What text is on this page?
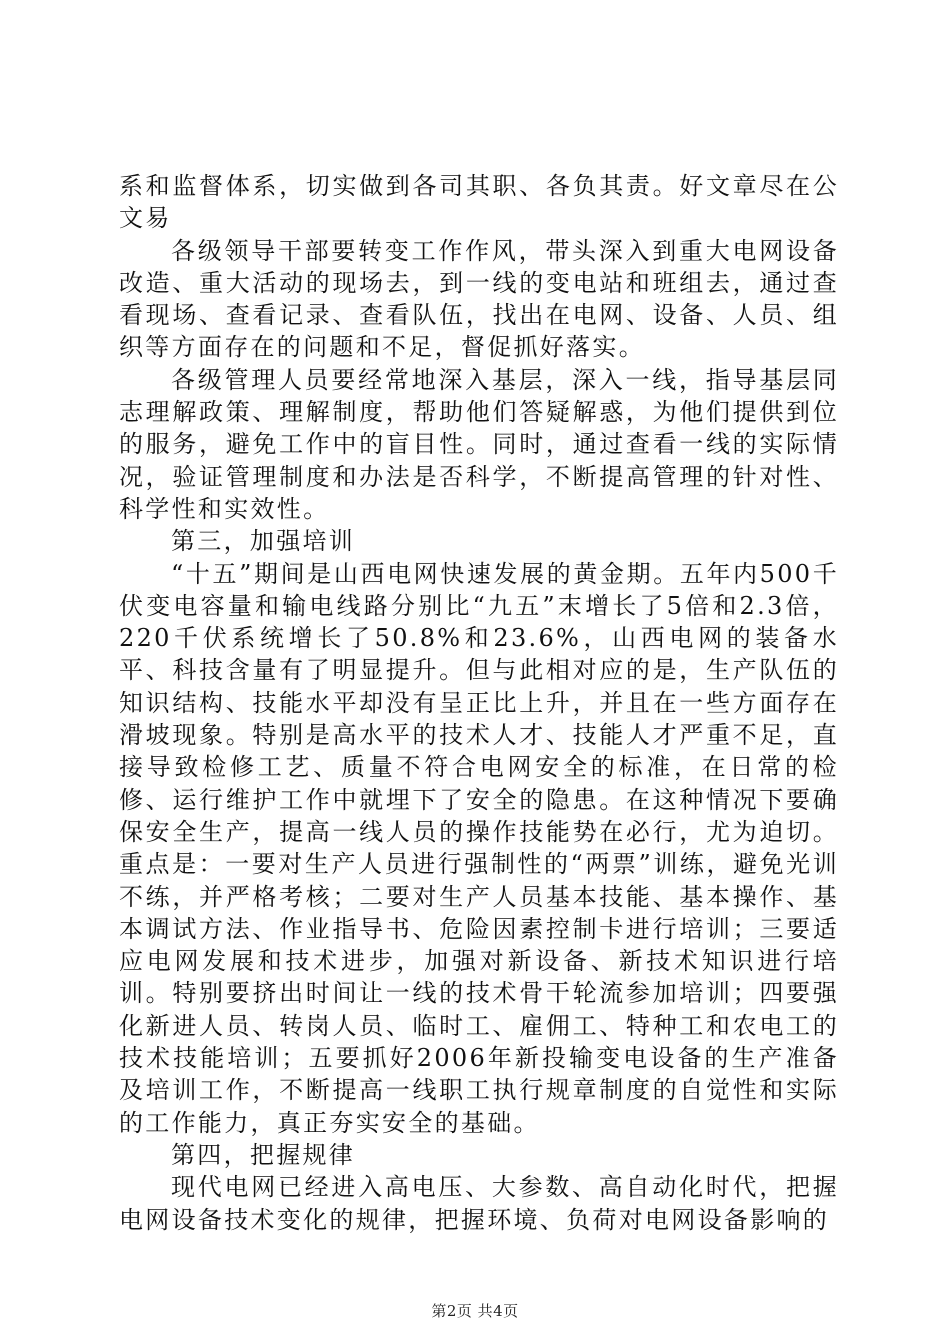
系和监督体系，切实做到各司其职、各负其责。好文章尽在公文易

各级领导干部要转变工作作风，带头深入到重大电网设备改造、重大活动的现场去，到一线的变电站和班组去，通过查看现场、查看记录、查看队伍，找出在电网、设备、人员、组织等方面存在的问题和不足，督促抓好落实。

各级管理人员要经常地深入基层，深入一线，指导基层同志理解政策、理解制度，帮助他们答疑解惑，为他们提供到位的服务，避免工作中的盲目性。同时，通过查看一线的实际情况，验证管理制度和办法是否科学，不断提高管理的针对性、科学性和实效性。

第三，加强培训

“十五”期间是山西电网快速发展的黄金期。五年内500千伏变电容量和输电线路分别比“九五”末增长了5倍和2.3倍，220千伏系统增长了50.8%和23.6%，山西电网的装备水平、科技含量有了明显提升。但与此相对应的是，生产队伍的知识结构、技能水平却没有呈正比上升，并且在一些方面存在滑坡现象。特别是高水平的技术人才、技能人才严重不足，直接导致检修工艺、质量不符合电网安全的标准，在日常的检修、运行维护工作中就埋下了安全的隐患。在这种情况下要确保安全生产，提高一线人员的操作技能势在必行，尤为迫切。重点是：一要对生产人员进行强制性的“两票”训练，避免光训不练，并严格考核；二要对生产人员基本技能、基本操作、基本调试方法、作业指导书、危险因素控制卡进行培训；三要适应电网发展和技术进步，加强对新设备、新技术知识进行培训。特别要挤出时间让一线的技术骨干轮流参加培训；四要强化新进人员、转岗人员、临时工、雇佣工、特种工和农电工的技术技能培训；五要抓好2006年新投输变电设备的生产准备及培训工作，不断提高一线职工执行规章制度的自觉性和实际的工作能力，真正夯实安全的基础。

第四，把握规律

现代电网已经进入高电压、大参数、高自动化时代，把握电网设备技术变化的规律，把握环境、负荷对电网设备影响的

第2页 共4页
